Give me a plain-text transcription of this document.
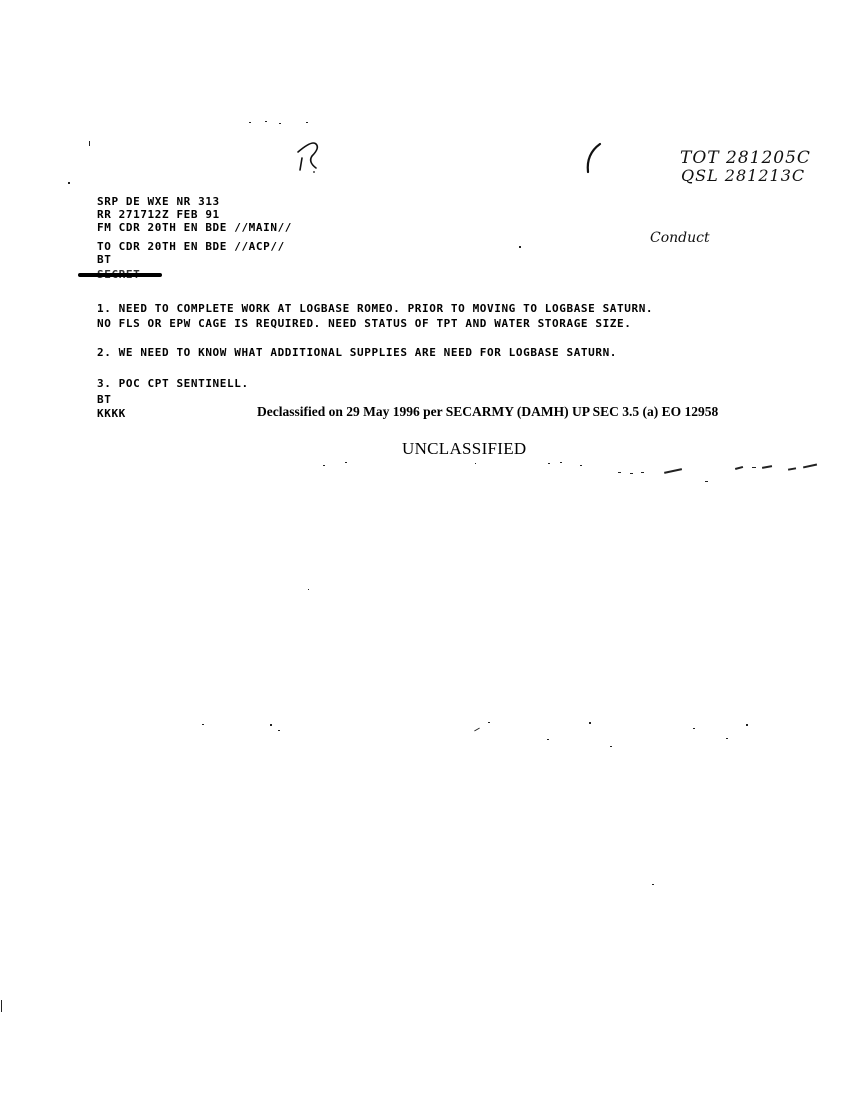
TOT 281205C
QSL 281213C
Conduct
SRP DE WXE NR 313
RR 271712Z FEB 91
FM CDR 20TH EN BDE //MAIN//
TO CDR 20TH EN BDE //ACP//
BT
1. NEED TO COMPLETE WORK AT LOGBASE ROMEO. PRIOR TO MOVING TO LOGBASE SATURN.
NO FLS OR EPW CAGE IS REQUIRED. NEED STATUS OF TPT AND WATER STORAGE SIZE.
2. WE NEED TO KNOW WHAT ADDITIONAL SUPPLIES ARE NEED FOR LOGBASE SATURN.
3. POC CPT SENTINELL.
BT
KKKK	Declassified on 29 May 1996 per SECARMY (DAMH) UP SEC 3.5 (a) EO 12958
UNCLASSIFIED
